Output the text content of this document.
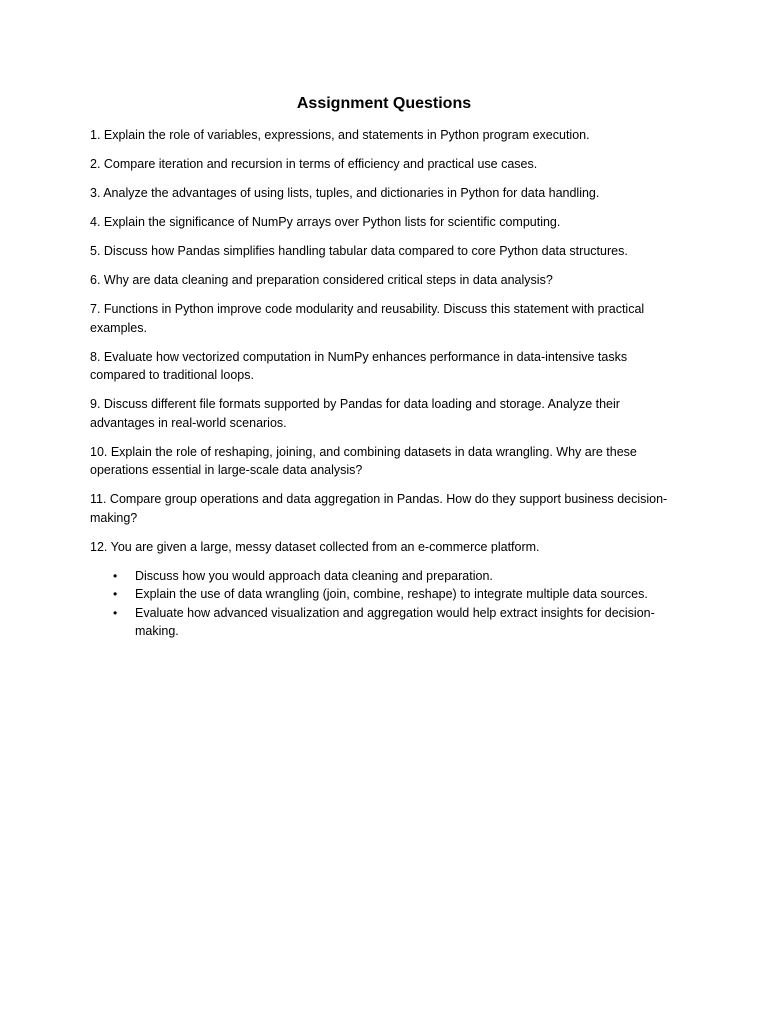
Assignment Questions

1. Explain the role of variables, expressions, and statements in Python program execution.

2. Compare iteration and recursion in terms of efficiency and practical use cases.

3. Analyze the advantages of using lists, tuples, and dictionaries in Python for data handling.

4. Explain the significance of NumPy arrays over Python lists for scientific computing.

5. Discuss how Pandas simplifies handling tabular data compared to core Python data structures.

6. Why are data cleaning and preparation considered critical steps in data analysis?

7. Functions in Python improve code modularity and reusability. Discuss this statement with practical examples.

8. Evaluate how vectorized computation in NumPy enhances performance in data-intensive tasks compared to traditional loops.

9. Discuss different file formats supported by Pandas for data loading and storage. Analyze their advantages in real-world scenarios.

10. Explain the role of reshaping, joining, and combining datasets in data wrangling. Why are these operations essential in large-scale data analysis?

11. Compare group operations and data aggregation in Pandas. How do they support business decision-making?

12. You are given a large, messy dataset collected from an e-commerce platform.

• Discuss how you would approach data cleaning and preparation.
• Explain the use of data wrangling (join, combine, reshape) to integrate multiple data sources.
• Evaluate how advanced visualization and aggregation would help extract insights for decision-making.
